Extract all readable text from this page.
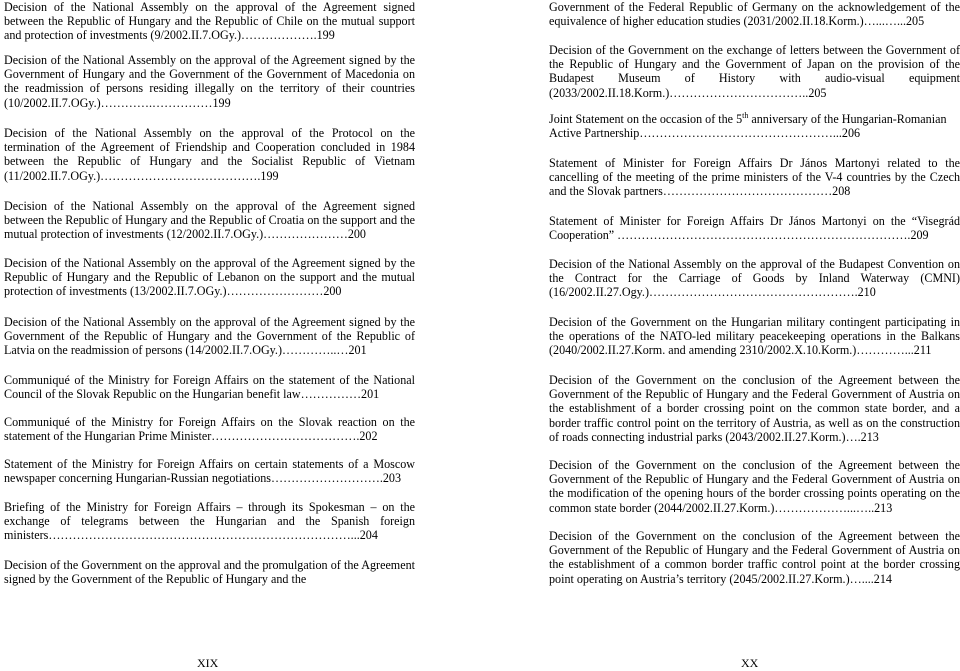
Decision of the National Assembly on the approval of the Agreement signed between the Republic of Hungary and the Republic of Chile on the mutual support and protection of investments (9/2002.II.7.OGy.)……………….199

Decision of the National Assembly on the approval of the Agreement signed by the Government of Hungary and the Government of the Government of Macedonia on the readmission of persons residing illegally on the territory of their countries (10/2002.II.7.OGy.)………….……………199

Decision of the National Assembly on the approval of the Protocol on the termination of the Agreement of Friendship and Cooperation concluded in 1984 between the Republic of Hungary and the Socialist Republic of Vietnam (11/2002.II.7.OGy.)………………………………….199

Decision of the National Assembly on the approval of the Agreement signed between the Republic of Hungary and the Republic of Croatia on the support and the mutual protection of investments (12/2002.II.7.OGy.)…………………200

Decision of the National Assembly on the approval of the Agreement signed by the Republic of Hungary and the Republic of Lebanon on the support and the mutual protection of investments (13/2002.II.7.OGy.)……………………200

Decision of the National Assembly on the approval of the Agreement signed by the Government of the Republic of Hungary and the Government of the Republic of Latvia on the readmission of persons (14/2002.II.7.OGy.)…………..…201

Communiqué of the Ministry for Foreign Affairs on the statement of the National Council of the Slovak Republic on the Hungarian benefit law……………201

Communiqué of the Ministry for Foreign Affairs on the Slovak reaction on the statement of the Hungarian Prime Minister……………………………….202

Statement of the Ministry for Foreign Affairs on certain statements of a Moscow newspaper concerning Hungarian-Russian negotiations……………………….203

Briefing of the Ministry for Foreign Affairs – through its Spokesman – on the exchange of telegrams between the Hungarian and the Spanish foreign ministers…………………………………………………………………...204

Decision of the Government on the approval and the promulgation of the Agreement signed by the Government of the Republic of Hungary and the

Government of the Federal Republic of Germany on the acknowledgement of the equivalence of higher education studies (2031/2002.II.18.Korm.)…...…...205

Decision of the Government on the exchange of letters between the Government of the Republic of Hungary and the Government of Japan on the provision of the Budapest Museum of History with audio-visual equipment (2033/2002.II.18.Korm.)……………………………..205

Joint Statement on the occasion of the 5th anniversary of the Hungarian-Romanian
Active Partnership…………………………………………...206

Statement of Minister for Foreign Affairs Dr János Martonyi related to the cancelling of the meeting of the prime ministers of the V-4 countries by the Czech and the Slovak partners……………………………………208

Statement of Minister for Foreign Affairs Dr János Martonyi on the “Visegrád Cooperation” ……………………………………………………………….209

Decision of the National Assembly on the approval of the Budapest Convention on the Contract for the Carriage of Goods by Inland Waterway (CMNI) (16/2002.II.27.Ogy.)…………………………………………….210

Decision of the Government on the Hungarian military contingent participating in the operations of the NATO-led military peacekeeping operations in the Balkans (2040/2002.II.27.Korm. and amending 2310/2002.X.10.Korm.)…………...211

Decision of the Government on the conclusion of the Agreement between the Government of the Republic of Hungary and the Federal Government of Austria on the establishment of a border crossing point on the common state border, and a border traffic control point on the territory of Austria, as well as on the construction of roads connecting industrial parks (2043/2002.II.27.Korm.)….213

Decision of the Government on the conclusion of the Agreement between the Government of the Republic of Hungary and the Federal Government of Austria on the modification of the opening hours of the border crossing points operating on the common state border (2044/2002.II.27.Korm.)………………...…..213

Decision of the Government on the conclusion of the Agreement between the Government of the Republic of Hungary and the Federal Government of Austria on the establishment of a common border traffic control point at the border crossing point operating on Austria’s territory (2045/2002.II.27.Korm.)…....214

XIX	XX
